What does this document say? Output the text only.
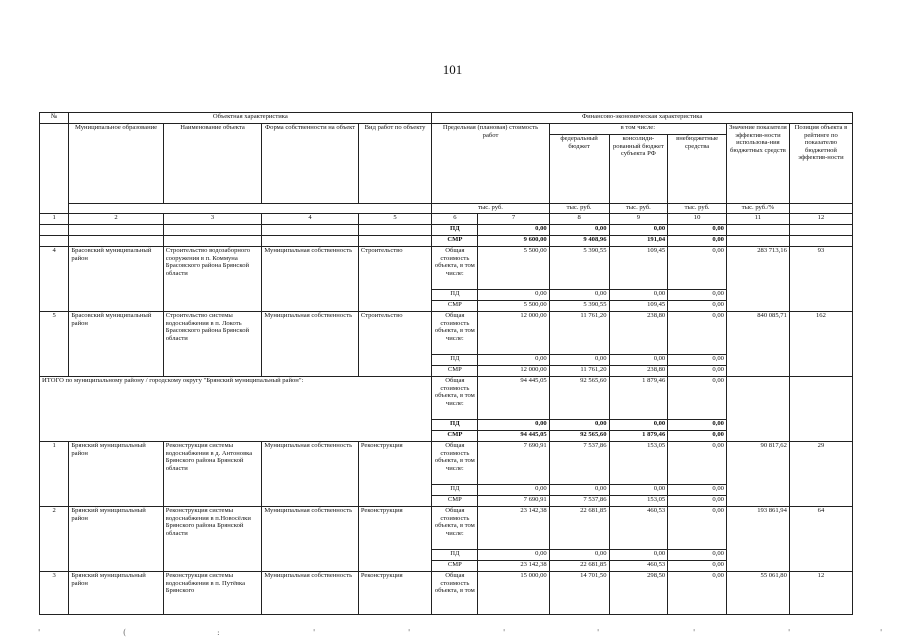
101
№	Объектная характеристика				Финансово-экономическая характеристика						
	Муниципальное образование	Наименование объекта	Форма собственности на объект	Вид работ по объекту	Предельная (плановая) стоимость работ		в том числе:			Значение показателя эффектив-ности использова-ния бюджетных средств	Позиция объекта в рейтинге по показателю бюджетной эффектив-ности
							федеральный бюджет	консолиди-рованный бюджет субъекта РФ	внебюджетные средства		
					тыс. руб.		тыс. руб.	тыс. руб.	тыс. руб.	тыс. руб./%	
1	2	3	4	5	6	7	8	9	10	11	12
					ПД	0,00	0,00	0,00	0,00		
					СМР	9 600,00	9 408,96	191,04	0,00		
4	Брасовский муниципальный район	Строительство водозаборного сооружения в п. Коммуна Брасовского района Брянской области	Муниципальная собственность	Строительство	Общая стоимость объекта, в том числе:	5 500,00	5 390,55	109,45	0,00	283 713,16	93
					ПД	0,00	0,00	0,00	0,00		
					СМР	5 500,00	5 390,55	109,45	0,00		
5	Брасовский муниципальный район	Строительство системы водоснабжения в п. Локоть Брасовского района Брянской области	Муниципальная собственность	Строительство	Общая стоимость объекта, в том числе:	12 000,00	11 761,20	238,80	0,00	840 085,71	162
					ПД	0,00	0,00	0,00	0,00		
					СМР	12 000,00	11 761,20	238,80	0,00		
ИТОГО по муниципальному району / городскому округу "Брянский муниципальный район":					Общая стоимость объекта, в том числе:	94 445,05	92 565,60	1 879,46	0,00		
					ПД	0,00	0,00	0,00	0,00		
					СМР	94 445,05	92 565,60	1 879,46	0,00		
1	Брянский муниципальный район	Реконструкция системы водоснабжения в д. Антоновка Брянского района Брянской области	Муниципальная собственность	Реконструкция	Общая стоимость объекта, в том числе:	7 690,91	7 537,86	153,05	0,00	90 817,62	29
					ПД	0,00	0,00	0,00	0,00		
					СМР	7 690,91	7 537,86	153,05	0,00		
2	Брянский муниципальный район	Реконструкция системы водоснабжения в п.Новосёлки Брянского района Брянской области	Муниципальная собственность	Реконструкция	Общая стоимость объекта, в том числе:	23 142,38	22 681,85	460,53	0,00	193 861,94	64
					ПД	0,00	0,00	0,00	0,00		
					СМР	23 142,38	22 681,85	460,53	0,00		
3	Брянский муниципальный район	Реконструкция системы водоснабжения в п. Путёвка Брянского	Муниципальная собственность	Реконструкция	Общая стоимость объекта, в том	15 000,00	14 701,50	298,50	0,00	55 061,80	12
'	(	:	'	'	'	'	'	'	'
